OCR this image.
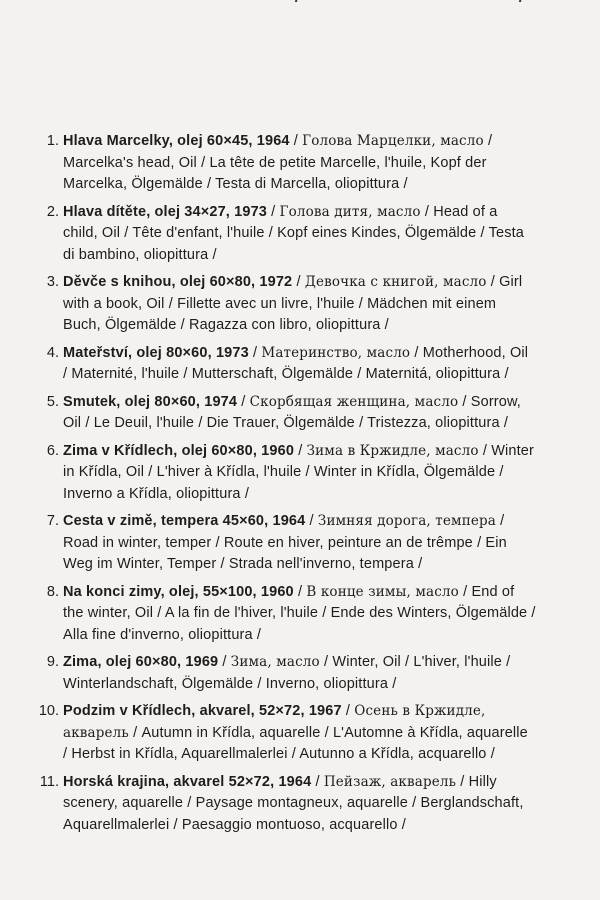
1. Hlava Marcelky, olej 60×45, 1964 / Голова Марцелки, масло / Marcelka's head, Oil / La tête de petite Marcelle, l'huile, Kopf der Marcelka, Ölgemälde / Testa di Marcella, oliopittura /
2. Hlava dítěte, olej 34×27, 1973 / Голова дитя, масло / Head of a child, Oil / Tête d'enfant, l'huile / Kopf eines Kindes, Ölgemälde / Testa di bambino, oliopittura /
3. Děvče s knihou, olej 60×80, 1972 / Девочка с книгой, масло / Girl with a book, Oil / Fillette avec un livre, l'huile / Mädchen mit einem Buch, Ölgemälde / Ragazza con libro, oliopittura /
4. Mateřství, olej 80×60, 1973 / Материнство, масло / Motherhood, Oil / Maternité, l'huile / Mutterschaft, Ölgemälde / Maternitá, oliopittura /
5. Smutek, olej 80×60, 1974 / Скорбящая женщина, масло / Sorrow, Oil / Le Deuil, l'huile / Die Trauer, Ölgemälde / Tristezza, oliopittura /
6. Zima v Křídlech, olej 60×80, 1960 / Зима в Кржидле, масло / Winter in Křídla, Oil / L'hiver à Křídla, l'huile / Winter in Křídla, Ölgemälde / Inverno a Křídla, oliopittura /
7. Cesta v zimě, tempera 45×60, 1964 / Зимняя дорога, темпера / Road in winter, temper / Route en hiver, peinture an de trêmpe / Ein Weg im Winter, Temper / Strada nell'inverno, tempera /
8. Na konci zimy, olej, 55×100, 1960 / В конце зимы, масло / End of the winter, Oil / A la fin de l'hiver, l'huile / Ende des Winters, Ölgemälde / Alla fine d'inverno, oliopittura /
9. Zima, olej 60×80, 1969 / Зима, масло / Winter, Oil / L'hiver, l'huile / Winterlandschaft, Ölgemälde / Inverno, oliopittura /
10. Podzim v Křídlech, akvarel, 52×72, 1967 / Осень в Кржидле, акварель / Autumn in Křídla, aquarelle / L'Automne à Křídla, aquarelle / Herbst in Křídla, Aquarellmalerlei / Autunno a Křídla, acquarello /
11. Horská krajina, akvarel 52×72, 1964 / Пейзаж, акварель / Hilly scenery, aquarelle / Paysage montagneux, aquarelle / Berglandschaft, Aquarellmalerlei / Paesaggio montuoso, acquarello /
